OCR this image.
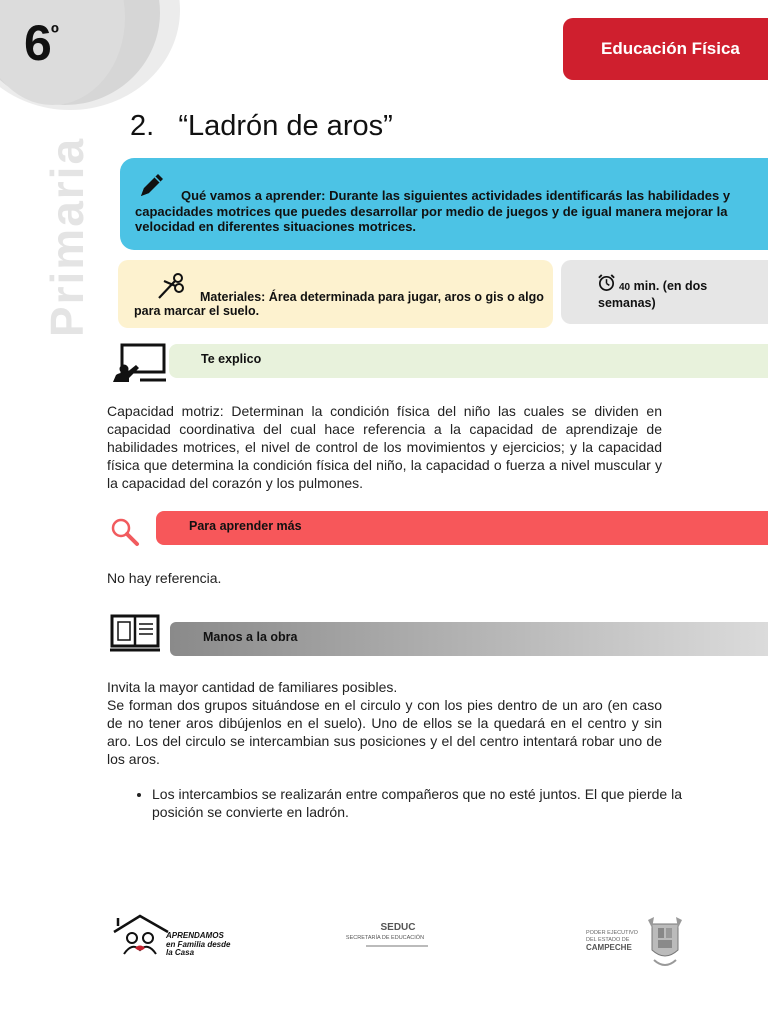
$6^º$
Primaria
Educación Física
2. “Ladrón de aros”
Qué vamos a aprender: Durante las siguientes actividades identificarás las habilidades y capacidades motrices que puedes desarrollar por medio de juegos y de igual manera mejorar la velocidad en diferentes situaciones motrices.
Materiales: Área determinada para jugar, aros o gis o algo para marcar el suelo.
40 min. (en dos semanas)
Te explico
Capacidad motriz: Determinan la condición física del niño las cuales se dividen en capacidad coordinativa del cual hace referencia a la capacidad de aprendizaje de habilidades motrices, el nivel de control de los movimientos y ejercicios; y la capacidad física que determina la condición física del niño, la capacidad o fuerza a nivel muscular y la capacidad del corazón y los pulmones.
Para aprender más
No hay referencia.
Manos a la obra
Invita la mayor cantidad de familiares posibles.
Se forman dos grupos situándose en el circulo y con los pies dentro de un aro (en caso de no tener aros dibújenlos en el suelo). Uno de ellos se la quedará en el centro y sin aro. Los del circulo se intercambian sus posiciones y el del centro intentará robar uno de los aros.
• Los intercambios se realizarán entre compañeros que no esté juntos. El que pierde la posición se convierte en ladrón.
APRENDAMOS
en Familia desde
la Casa
SEDUC
SECRETARÍA DE EDUCACIÓN
PODER EJECUTIVO
DEL ESTADO DE
CAMPECHE
